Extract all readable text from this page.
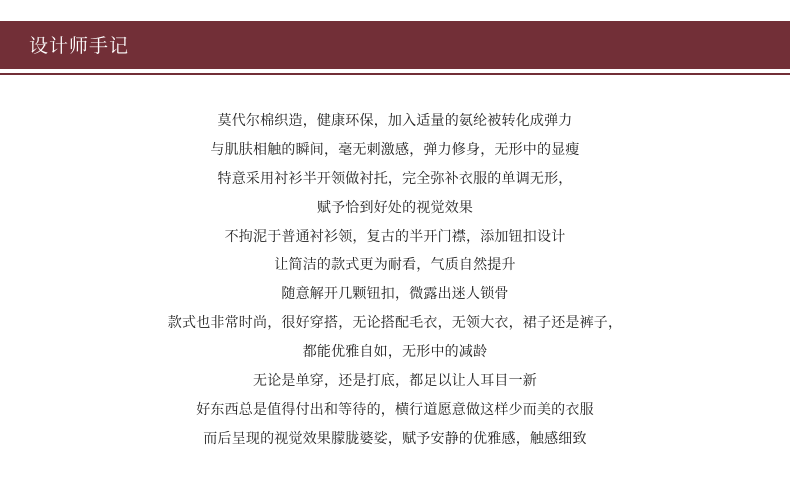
设计师手记
莫代尔棉织造，健康环保，加入适量的氨纶被转化成弹力
与肌肤相触的瞬间，毫无刺激感，弹力修身，无形中的显瘦
特意采用衬衫半开领做衬托，完全弥补衣服的单调无形，
赋予恰到好处的视觉效果
不拘泥于普通衬衫领，复古的半开门襟，添加钮扣设计
让简洁的款式更为耐看，气质自然提升
随意解开几颗钮扣，微露出迷人锁骨
款式也非常时尚，很好穿搭，无论搭配毛衣，无领大衣，裙子还是裤子，
都能优雅自如，无形中的减龄
无论是单穿，还是打底，都足以让人耳目一新
好东西总是值得付出和等待的，横行道愿意做这样少而美的衣服
而后呈现的视觉效果朦胧婆娑，赋予安静的优雅感，触感细致
